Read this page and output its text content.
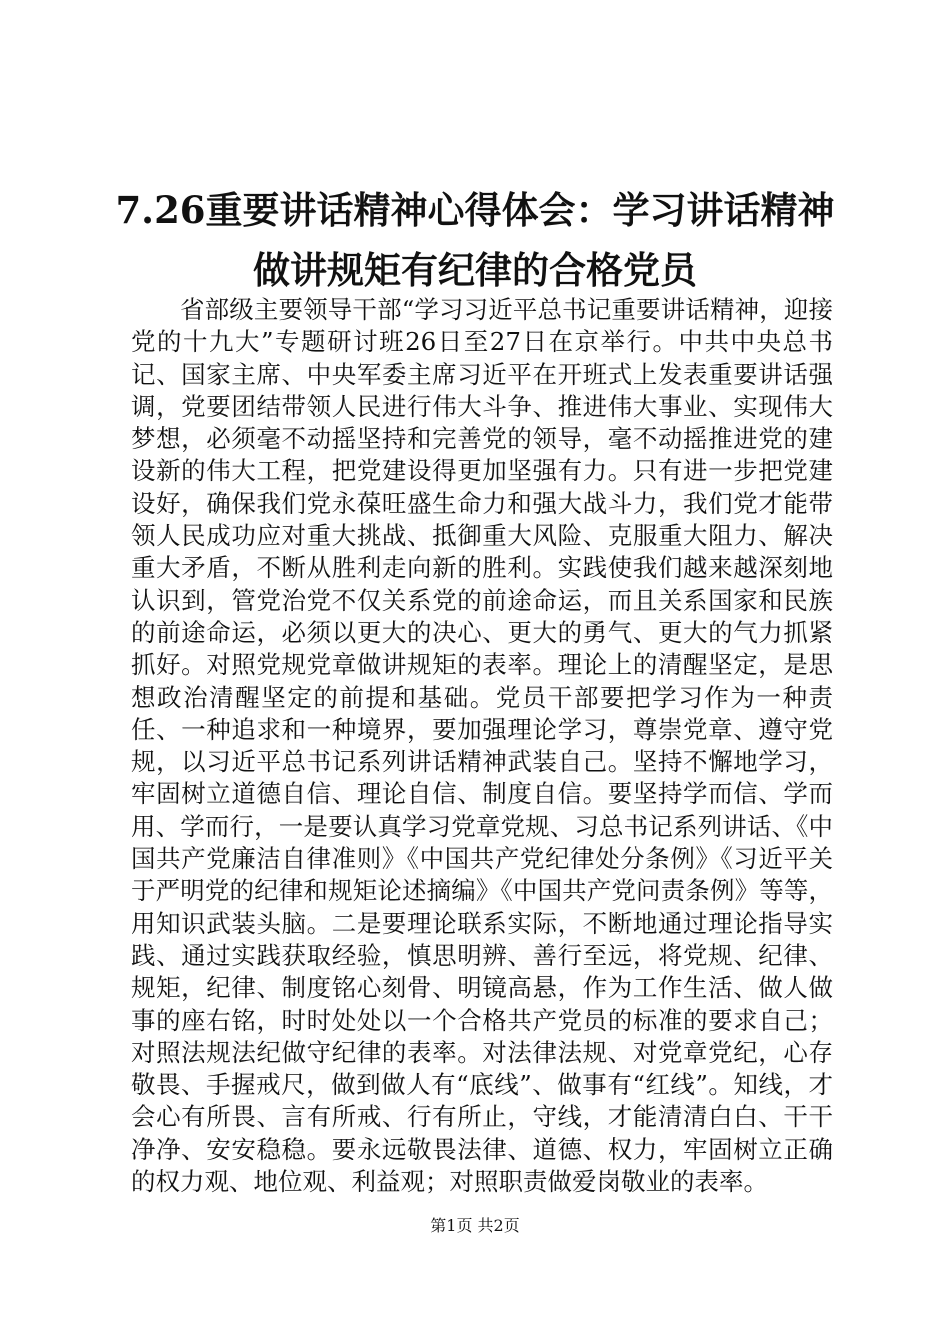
7.26重要讲话精神心得体会：学习讲话精神
做讲规矩有纪律的合格党员

省部级主要领导干部“学习习近平总书记重要讲话精神，迎接党的十九大”专题研讨班26日至27日在京举行。中共中央总书记、国家主席、中央军委主席习近平在开班式上发表重要讲话强调，党要团结带领人民进行伟大斗争、推进伟大事业、实现伟大梦想，必须毫不动摇坚持和完善党的领导，毫不动摇推进党的建设新的伟大工程，把党建设得更加坚强有力。只有进一步把党建设好，确保我们党永葆旺盛生命力和强大战斗力，我们党才能带领人民成功应对重大挑战、抵御重大风险、克服重大阻力、解决重大矛盾，不断从胜利走向新的胜利。实践使我们越来越深刻地认识到，管党治党不仅关系党的前途命运，而且关系国家和民族的前途命运，必须以更大的决心、更大的勇气、更大的气力抓紧抓好。对照党规党章做讲规矩的表率。理论上的清醒坚定，是思想政治清醒坚定的前提和基础。党员干部要把学习作为一种责任、一种追求和一种境界，要加强理论学习，尊崇党章、遵守党规，以习近平总书记系列讲话精神武装自己。坚持不懈地学习，牢固树立道德自信、理论自信、制度自信。要坚持学而信、学而用、学而行，一是要认真学习党章党规、习总书记系列讲话、《中国共产党廉洁自律准则》《中国共产党纪律处分条例》《习近平关于严明党的纪律和规矩论述摘编》《中国共产党问责条例》等等，用知识武装头脑。二是要理论联系实际，不断地通过理论指导实践、通过实践获取经验，慎思明辨、善行至远，将党规、纪律、规矩，纪律、制度铭心刻骨、明镜高悬，作为工作生活、做人做事的座右铭，时时处处以一个合格共产党员的标准的要求自己；对照法规法纪做守纪律的表率。对法律法规、对党章党纪，心存敬畏、手握戒尺，做到做人有“底线”、做事有“红线”。知线，才会心有所畏、言有所戒、行有所止，守线，才能清清白白、干干净净、安安稳稳。要永远敬畏法律、道德、权力，牢固树立正确的权力观、地位观、利益观；对照职责做爱岗敬业的表率。

第1页 共2页
